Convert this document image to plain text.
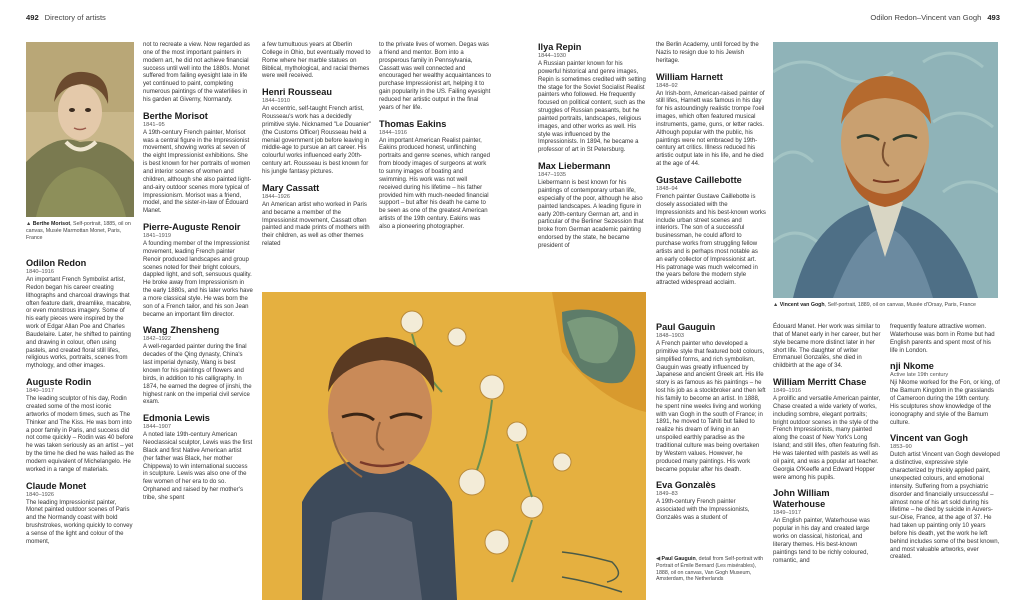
492 Directory of artists	Odilon Redon–Vincent van Gogh 493
▲ Berthe Morisot, Self-portrait, 1885, oil on canvas, Musée Marmottan Monet, Paris, France

Odilon Redon

1840–1916

An important French Symbolist artist, Redon began his career creating lithographs and charcoal drawings that often feature dark, dreamlike, macabre, or even monstrous imagery. Some of his early pieces were inspired by the work of Edgar Allan Poe and Charles Baudelaire. Later, he shifted to painting and drawing in colour, often using pastels, and created floral still lifes, religious works, portraits, scenes from mythology, and other images.

Auguste Rodin

1840–1917

The leading sculptor of his day, Rodin created some of the most iconic artworks of modern times, such as The Thinker and The Kiss. He was born into a poor family in Paris, and success did not come quickly – Rodin was 40 before he was taken seriously as an artist – yet by the time he died he was hailed as the modern equivalent of Michelangelo. He worked in a range of materials.

Claude Monet

1840–1926

The leading Impressionist painter, Monet painted outdoor scenes of Paris and the Normandy coast with bold brushstrokes, working quickly to convey a sense of the light and colour of the moment,

not to recreate a view. Now regarded as one of the most important painters in modern art, he did not achieve financial success until well into the 1880s. Monet suffered from failing eyesight late in life yet continued to paint, completing numerous paintings of the waterlilies in his garden at Giverny, Normandy.

Berthe Morisot

1841–95

A 19th-century French painter, Morisot was a central figure in the Impressionist movement, showing works at seven of the eight Impressionist exhibitions. She is best known for her portraits of women and interior scenes of women and children, although she also painted light-and-airy outdoor scenes more typical of Impressionism. Morisot was a friend, model, and the sister-in-law of Édouard Manet.

Pierre-Auguste Renoir

1841–1919

A founding member of the Impressionist movement, leading French painter Renoir produced landscapes and group scenes noted for their bright colours, dappled light, and soft, sensuous quality. He broke away from Impressionism in the early 1880s, and his later works have a more classical style. He was born the son of a French tailor, and his son Jean became an important film director.

Wang Zhensheng

1842–1922

A well-regarded painter during the final decades of the Qing dynasty, China's last imperial dynasty, Wang is best known for his paintings of flowers and birds, in addition to his calligraphy. In 1874, he earned the degree of jinshi, the highest rank on the imperial civil service exam.

Edmonia Lewis

1844–1907

A noted late 19th-century American Neoclassical sculptor, Lewis was the first Black and first Native American artist (her father was Black, her mother Chippewa) to win international success in sculpture. Lewis was also one of the few women of her era to do so. Orphaned and raised by her mother's tribe, she spent

a few tumultuous years at Oberlin College in Ohio, but eventually moved to Rome where her marble statues on Biblical, mythological, and racial themes were well received.

Henri Rousseau

1844–1910

An eccentric, self-taught French artist, Rousseau's work has a decidedly primitive style. Nicknamed "Le Douanier" (the Customs Officer) Rousseau held a menial government job before leaving in middle-age to pursue an art career. His colourful works influenced early 20th-century art. Rousseau is best known for his jungle fantasy pictures.

Mary Cassatt

1844–1926

An American artist who worked in Paris and became a member of the Impressionist movement, Cassatt often painted and made prints of mothers with their children, as well as other themes related

to the private lives of women. Degas was a friend and mentor. Born into a prosperous family in Pennsylvania, Cassatt was well connected and encouraged her wealthy acquaintances to purchase Impressionist art, helping it to gain popularity in the US. Failing eyesight reduced her artistic output in the final years of her life.

Thomas Eakins

1844–1916

An important American Realist painter, Eakins produced honest, unflinching portraits and genre scenes, which ranged from bloody images of surgeons at work to sunny images of boating and swimming. His work was not well received during his lifetime – his father provided him with much-needed financial support – but after his death he came to be seen as one of the greatest American artists of the 19th century. Eakins was also a pioneering photographer.

Ilya Repin

1844–1930

A Russian painter known for his powerful historical and genre images, Repin is sometimes credited with setting the stage for the Soviet Socialist Realist painters who followed. He frequently focused on political content, such as the struggles of Russian peasants, but he painted portraits, landscapes, religious images, and other works as well. His style was influenced by the Impressionists. In 1894, he became a professor of art in St Petersburg.

Max Liebermann

1847–1935

Liebermann is best known for his paintings of contemporary urban life, especially of the poor, although he also painted landscapes. A leading figure in early 20th-century German art, and in particular of the Berliner Sezession that broke from German academic painting endorsed by the state, he became president of

the Berlin Academy, until forced by the Nazis to resign due to his Jewish heritage.

William Harnett

1848–92

An Irish-born, American-raised painter of still lifes, Harnett was famous in his day for his astoundingly realistic trompe l'oeil images, which often featured musical instruments, game, guns, or letter racks. Although popular with the public, his paintings were not embraced by 19th-century art critics. Illness reduced his artistic output late in his life, and he died at the age of 44.

Gustave Caillebotte

1848–94

French painter Gustave Caillebotte is closely associated with the Impressionists and his best-known works include urban street scenes and interiors. The son of a successful businessman, he could afford to purchase works from struggling fellow artists and is perhaps most notable as an early collector of Impressionist art. His patronage was much welcomed in the years before the modern style attracted widespread acclaim.

Paul Gauguin

1848–1903

A French painter who developed a primitive style that featured bold colours, simplified forms, and rich symbolism, Gauguin was greatly influenced by Japanese and ancient Greek art. His life story is as famous as his paintings – he lost his job as a stockbroker and then left his family to become an artist. In 1888, he spent nine weeks living and working with van Gogh in the south of France; in 1891, he moved to Tahiti but failed to realize his dream of living in an unspoiled earthly paradise as the traditional culture was being overtaken by Western values. However, he produced many paintings. His work became popular after his death.

Eva Gonzalès

1849–83

A 19th-century French painter associated with the Impressionists, Gonzalès was a student of

◀ Paul Gauguin, detail from Self-portrait with Portrait of Émile Bernard (Les misérables), 1888, oil on canvas, Van Gogh Museum, Amsterdam, the Netherlands
▲ Vincent van Gogh, Self-portrait, 1889, oil on canvas, Musée d'Orsay, Paris, France

Édouard Manet. Her work was similar to that of Manet early in her career, but her style became more distinct later in her short life. The daughter of writer Emmanuel Gonzalès, she died in childbirth at the age of 34.

William Merritt Chase

1849–1916

A prolific and versatile American painter, Chase created a wide variety of works, including sombre, elegant portraits; bright outdoor scenes in the style of the French Impressionists, many painted along the coast of New York's Long Island; and still lifes, often featuring fish. He was talented with pastels as well as oil paint, and was a popular art teacher. Georgia O'Keeffe and Edward Hopper were among his pupils.

John William Waterhouse

1849–1917

An English painter, Waterhouse was popular in his day and created large works on classical, historical, and literary themes. His best-known paintings tend to be richly coloured, romantic, and

frequently feature attractive women. Waterhouse was born in Rome but had English parents and spent most of his life in London.

nji Nkome

Active late 19th century

Nji Nkome worked for the Fon, or king, of the Bamum Kingdom in the grasslands of Cameroon during the 19th century. His sculptures show knowledge of the iconography and style of the Bamum culture.

Vincent van Gogh

1853–90

Dutch artist Vincent van Gogh developed a distinctive, expressive style characterized by thickly applied paint, unexpected colours, and emotional intensity. Suffering from a psychiatric disorder and financially unsuccessful – almost none of his art sold during his lifetime – he died by suicide in Auvers-sur-Oise, France, at the age of 37. He had taken up painting only 10 years before his death, yet the work he left behind includes some of the best known, and most valuable artworks, ever created.
